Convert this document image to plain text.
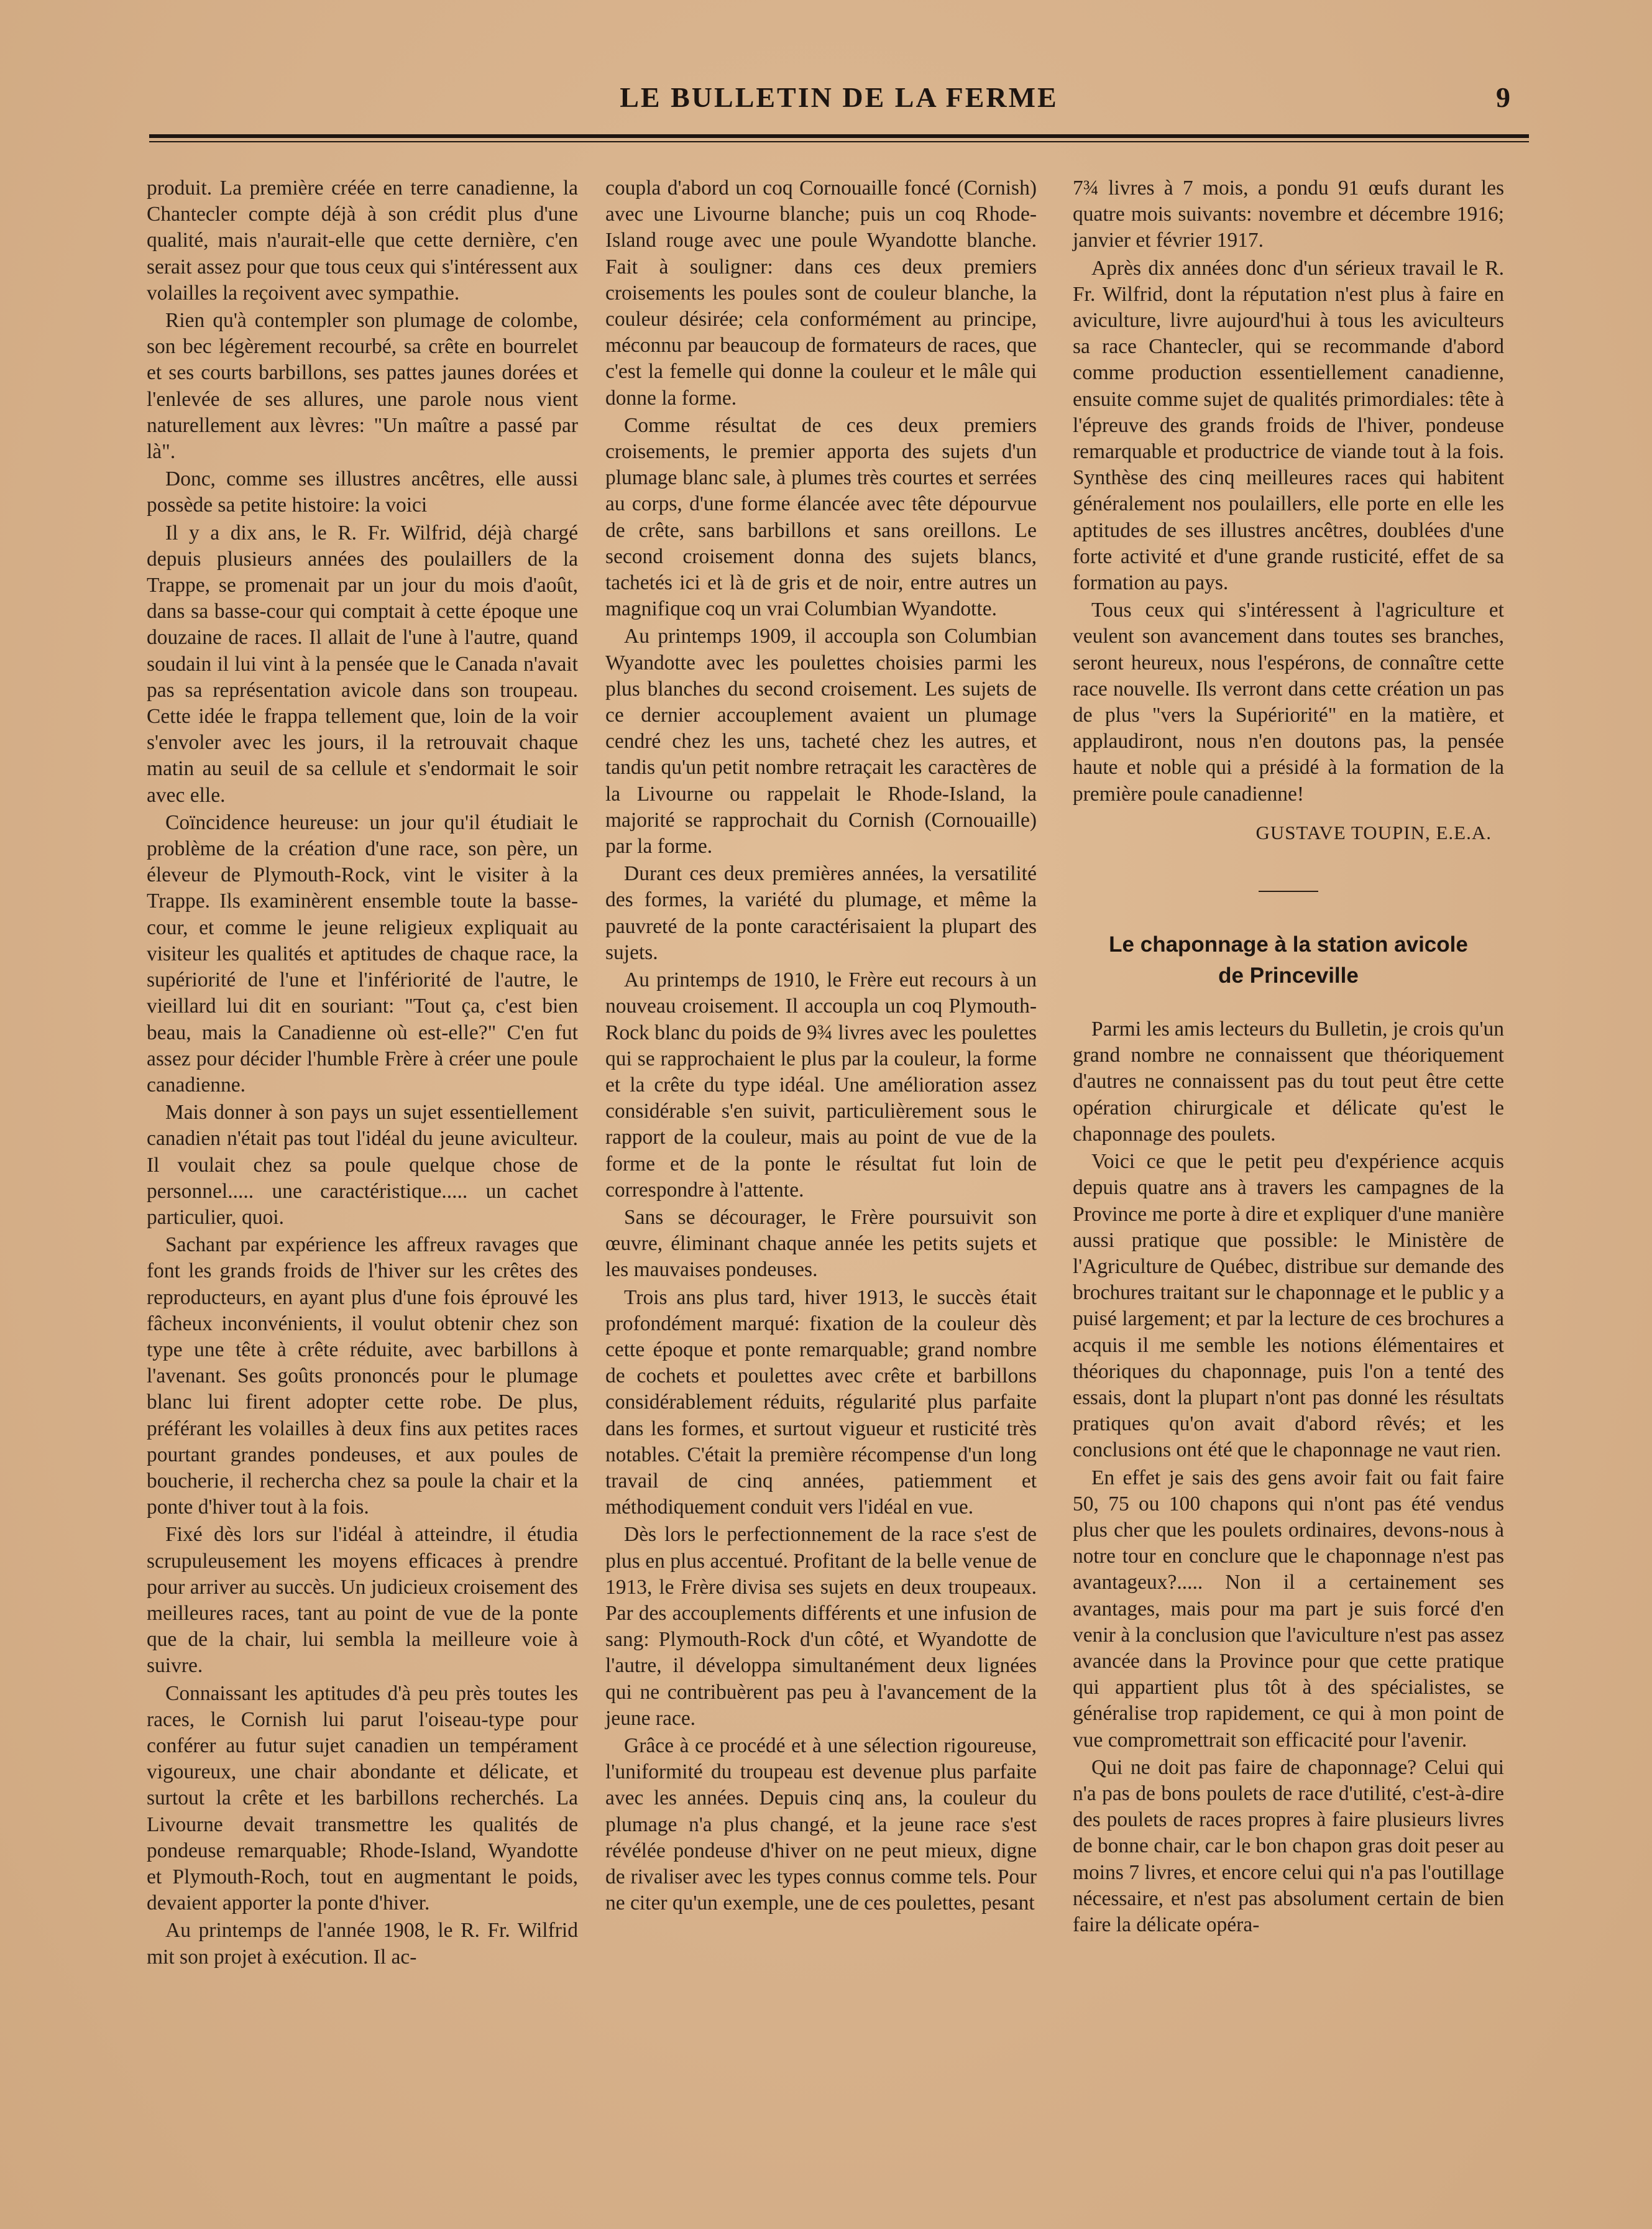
LE BULLETIN DE LA FERME	9

produit. La première créée en terre canadienne, la Chantecler compte déjà à son crédit plus d'une qualité, mais n'aurait-elle que cette dernière, c'en serait assez pour que tous ceux qui s'intéressent aux volailles la reçoivent avec sympathie.

Rien qu'à contempler son plumage de colombe, son bec légèrement recourbé, sa crête en bourrelet et ses courts barbillons, ses pattes jaunes dorées et l'enlevée de ses allures, une parole nous vient naturellement aux lèvres: "Un maître a passé par là".

Donc, comme ses illustres ancêtres, elle aussi possède sa petite histoire: la voici

Il y a dix ans, le R. Fr. Wilfrid, déjà chargé depuis plusieurs années des poulaillers de la Trappe, se promenait par un jour du mois d'août, dans sa basse-cour qui comptait à cette époque une douzaine de races. Il allait de l'une à l'autre, quand soudain il lui vint à la pensée que le Canada n'avait pas sa représentation avicole dans son troupeau. Cette idée le frappa tellement que, loin de la voir s'envoler avec les jours, il la retrouvait chaque matin au seuil de sa cellule et s'endormait le soir avec elle.

Coïncidence heureuse: un jour qu'il étudiait le problème de la création d'une race, son père, un éleveur de Plymouth-Rock, vint le visiter à la Trappe. Ils examinèrent ensemble toute la basse-cour, et comme le jeune religieux expliquait au visiteur les qualités et aptitudes de chaque race, la supériorité de l'une et l'infériorité de l'autre, le vieillard lui dit en souriant: "Tout ça, c'est bien beau, mais la Canadienne où est-elle?" C'en fut assez pour décider l'humble Frère à créer une poule canadienne.

Mais donner à son pays un sujet essentiellement canadien n'était pas tout l'idéal du jeune aviculteur. Il voulait chez sa poule quelque chose de personnel..... une caractéristique..... un cachet particulier, quoi.

Sachant par expérience les affreux ravages que font les grands froids de l'hiver sur les crêtes des reproducteurs, en ayant plus d'une fois éprouvé les fâcheux inconvénients, il voulut obtenir chez son type une tête à crête réduite, avec barbillons à l'avenant. Ses goûts prononcés pour le plumage blanc lui firent adopter cette robe. De plus, préférant les volailles à deux fins aux petites races pourtant grandes pondeuses, et aux poules de boucherie, il rechercha chez sa poule la chair et la ponte d'hiver tout à la fois.

Fixé dès lors sur l'idéal à atteindre, il étudia scrupuleusement les moyens efficaces à prendre pour arriver au succès. Un judicieux croisement des meilleures races, tant au point de vue de la ponte que de la chair, lui sembla la meilleure voie à suivre.

Connaissant les aptitudes d'à peu près toutes les races, le Cornish lui parut l'oiseau-type pour conférer au futur sujet canadien un tempérament vigoureux, une chair abondante et délicate, et surtout la crête et les barbillons recherchés. La Livourne devait transmettre les qualités de pondeuse remarquable; Rhode-Island, Wyandotte et Plymouth-Roch, tout en augmentant le poids, devaient apporter la ponte d'hiver.

Au printemps de l'année 1908, le R. Fr. Wilfrid mit son projet à exécution. Il ac-

coupla d'abord un coq Cornouaille foncé (Cornish) avec une Livourne blanche; puis un coq Rhode-Island rouge avec une poule Wyandotte blanche. Fait à souligner: dans ces deux premiers croisements les poules sont de couleur blanche, la couleur désirée; cela conformément au principe, méconnu par beaucoup de formateurs de races, que c'est la femelle qui donne la couleur et le mâle qui donne la forme.

Comme résultat de ces deux premiers croisements, le premier apporta des sujets d'un plumage blanc sale, à plumes très courtes et serrées au corps, d'une forme élancée avec tête dépourvue de crête, sans barbillons et sans oreillons. Le second croisement donna des sujets blancs, tachetés ici et là de gris et de noir, entre autres un magnifique coq un vrai Columbian Wyandotte.

Au printemps 1909, il accoupla son Columbian Wyandotte avec les poulettes choisies parmi les plus blanches du second croisement. Les sujets de ce dernier accouplement avaient un plumage cendré chez les uns, tacheté chez les autres, et tandis qu'un petit nombre retraçait les caractères de la Livourne ou rappelait le Rhode-Island, la majorité se rapprochait du Cornish (Cornouaille) par la forme.

Durant ces deux premières années, la versatilité des formes, la variété du plumage, et même la pauvreté de la ponte caractérisaient la plupart des sujets.

Au printemps de 1910, le Frère eut recours à un nouveau croisement. Il accoupla un coq Plymouth-Rock blanc du poids de 9¾ livres avec les poulettes qui se rapprochaient le plus par la couleur, la forme et la crête du type idéal. Une amélioration assez considérable s'en suivit, particulièrement sous le rapport de la couleur, mais au point de vue de la forme et de la ponte le résultat fut loin de correspondre à l'attente.

Sans se décourager, le Frère poursuivit son œuvre, éliminant chaque année les petits sujets et les mauvaises pondeuses.

Trois ans plus tard, hiver 1913, le succès était profondément marqué: fixation de la couleur dès cette époque et ponte remarquable; grand nombre de cochets et poulettes avec crête et barbillons considérablement réduits, régularité plus parfaite dans les formes, et surtout vigueur et rusticité très notables. C'était la première récompense d'un long travail de cinq années, patiemment et méthodiquement conduit vers l'idéal en vue.

Dès lors le perfectionnement de la race s'est de plus en plus accentué. Profitant de la belle venue de 1913, le Frère divisa ses sujets en deux troupeaux. Par des accouplements différents et une infusion de sang: Plymouth-Rock d'un côté, et Wyandotte de l'autre, il développa simultanément deux lignées qui ne contribuèrent pas peu à l'avancement de la jeune race.

Grâce à ce procédé et à une sélection rigoureuse, l'uniformité du troupeau est devenue plus parfaite avec les années. Depuis cinq ans, la couleur du plumage n'a plus changé, et la jeune race s'est révélée pondeuse d'hiver on ne peut mieux, digne de rivaliser avec les types connus comme tels. Pour ne citer qu'un exemple, une de ces poulettes, pesant

7¾ livres à 7 mois, a pondu 91 œufs durant les quatre mois suivants: novembre et décembre 1916; janvier et février 1917.

Après dix années donc d'un sérieux travail le R. Fr. Wilfrid, dont la réputation n'est plus à faire en aviculture, livre aujourd'hui à tous les aviculteurs sa race Chantecler, qui se recommande d'abord comme production essentiellement canadienne, ensuite comme sujet de qualités primordiales: tête à l'épreuve des grands froids de l'hiver, pondeuse remarquable et productrice de viande tout à la fois. Synthèse des cinq meilleures races qui habitent généralement nos poulaillers, elle porte en elle les aptitudes de ses illustres ancêtres, doublées d'une forte activité et d'une grande rusticité, effet de sa formation au pays.

Tous ceux qui s'intéressent à l'agriculture et veulent son avancement dans toutes ses branches, seront heureux, nous l'espérons, de connaître cette race nouvelle. Ils verront dans cette création un pas de plus "vers la Supériorité" en la matière, et applaudiront, nous n'en doutons pas, la pensée haute et noble qui a présidé à la formation de la première poule canadienne!

GUSTAVE TOUPIN, E.E.A.
Le chaponnage à la station avicole
de Princeville

Parmi les amis lecteurs du Bulletin, je crois qu'un grand nombre ne connaissent que théoriquement d'autres ne connaissent pas du tout peut être cette opération chirurgicale et délicate qu'est le chaponnage des poulets.

Voici ce que le petit peu d'expérience acquis depuis quatre ans à travers les campagnes de la Province me porte à dire et expliquer d'une manière aussi pratique que possible: le Ministère de l'Agriculture de Québec, distribue sur demande des brochures traitant sur le chaponnage et le public y a puisé largement; et par la lecture de ces brochures a acquis il me semble les notions élémentaires et théoriques du chaponnage, puis l'on a tenté des essais, dont la plupart n'ont pas donné les résultats pratiques qu'on avait d'abord rêvés; et les conclusions ont été que le chaponnage ne vaut rien.

En effet je sais des gens avoir fait ou fait faire 50, 75 ou 100 chapons qui n'ont pas été vendus plus cher que les poulets ordinaires, devons-nous à notre tour en conclure que le chaponnage n'est pas avantageux?..... Non il a certainement ses avantages, mais pour ma part je suis forcé d'en venir à la conclusion que l'aviculture n'est pas assez avancée dans la Province pour que cette pratique qui appartient plus tôt à des spécialistes, se généralise trop rapidement, ce qui à mon point de vue compromettrait son efficacité pour l'avenir.

Qui ne doit pas faire de chaponnage? Celui qui n'a pas de bons poulets de race d'utilité, c'est-à-dire des poulets de races propres à faire plusieurs livres de bonne chair, car le bon chapon gras doit peser au moins 7 livres, et encore celui qui n'a pas l'outillage nécessaire, et n'est pas absolument certain de bien faire la délicate opéra-
